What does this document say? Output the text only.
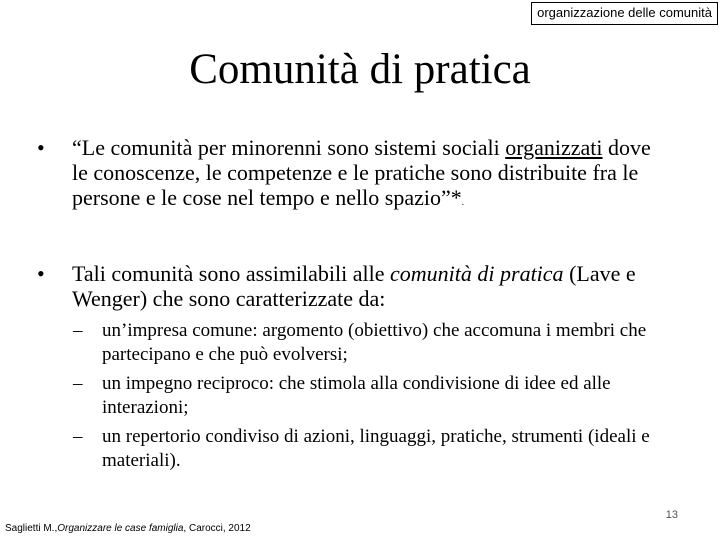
organizzazione delle comunità
Comunità di pratica
• “Le comunità per minorenni sono sistemi sociali organizzati dove le conoscenze, le competenze e le pratiche sono distribuite fra le persone e le cose nel tempo e nello spazio”*.
• Tali comunità sono assimilabili alle comunità di pratica (Lave e Wenger) che sono caratterizzate da:
– un’impresa comune: argomento (obiettivo) che accomuna i membri che partecipano e che può evolversi;
– un impegno reciproco: che stimola alla condivisione di idee ed alle interazioni;
– un repertorio condiviso di azioni, linguaggi, pratiche, strumenti (ideali e materiali).
Saglietti M.,Organizzare le case famiglia, Carocci, 2012
13
